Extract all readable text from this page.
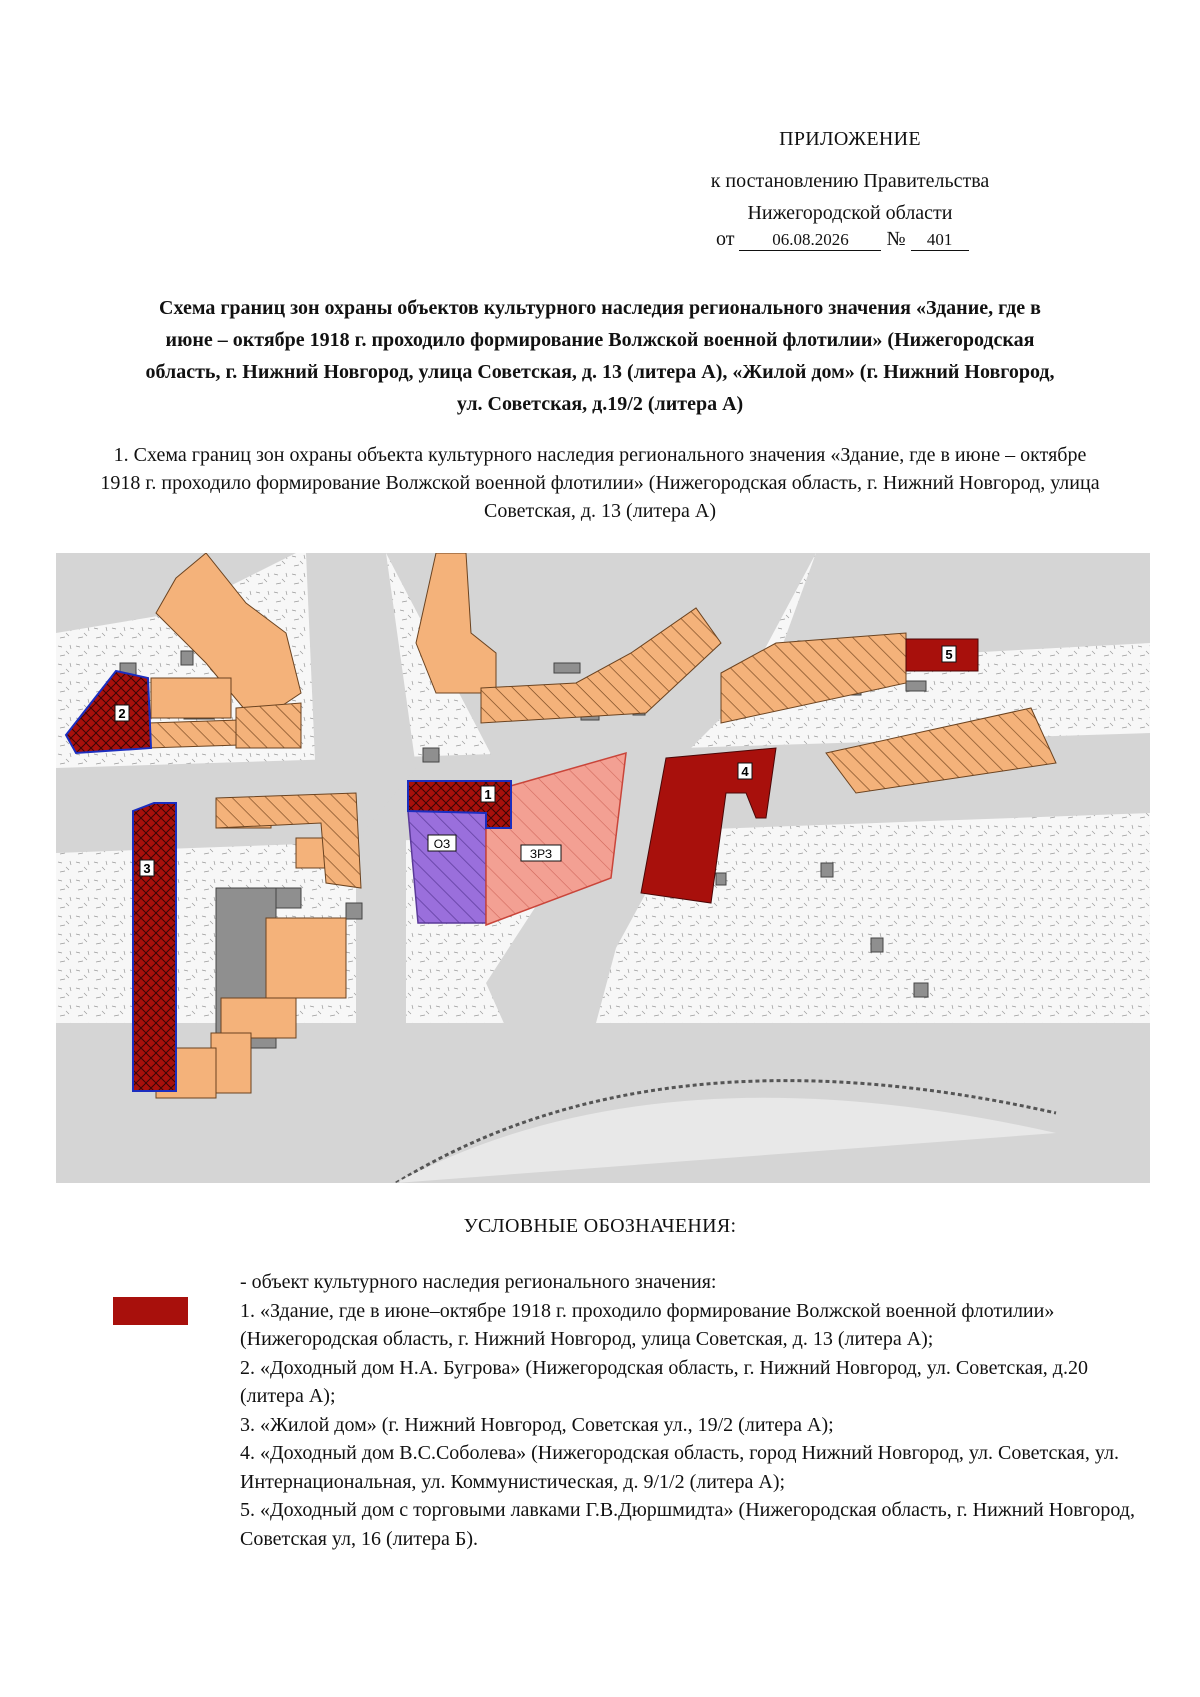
ПРИЛОЖЕНИЕ
к постановлению Правительства
Нижегородской области
от 06.08.2026 № 401
Схема границ зон охраны объектов культурного наследия регионального значения «Здание, где в июне – октябре 1918 г. проходило формирование Волжской военной флотилии» (Нижегородская область, г. Нижний Новгород, улица Советская, д. 13 (литера А), «Жилой дом» (г. Нижний Новгород, ул. Советская, д.19/2 (литера А)
1. Схема границ зон охраны объекта культурного наследия регионального значения «Здание, где в июне – октябре 1918 г. проходило формирование Волжской военной флотилии» (Нижегородская область, г. Нижний Новгород, улица Советская, д. 13 (литера А)
2
3
1
4
5
ОЗ
ЗРЗ
УСЛОВНЫЕ ОБОЗНАЧЕНИЯ:
- объект культурного наследия регионального значения:
1. «Здание, где в июне–октябре 1918 г. проходило формирование Волжской военной флотилии» (Нижегородская область, г. Нижний Новгород, улица Советская, д. 13 (литера А);
2. «Доходный дом Н.А. Бугрова» (Нижегородская область, г. Нижний Новгород, ул. Советская, д.20 (литера А);
3. «Жилой дом» (г. Нижний Новгород, Советская ул., 19/2 (литера А);
4. «Доходный дом В.С.Соболева» (Нижегородская область, город Нижний Новгород, ул. Советская, ул. Интернациональная, ул. Коммунистическая, д. 9/1/2 (литера А);
5. «Доходный дом с торговыми лавками Г.В.Дюршмидта» (Нижегородская область, г. Нижний Новгород, Советская ул, 16 (литера Б).
